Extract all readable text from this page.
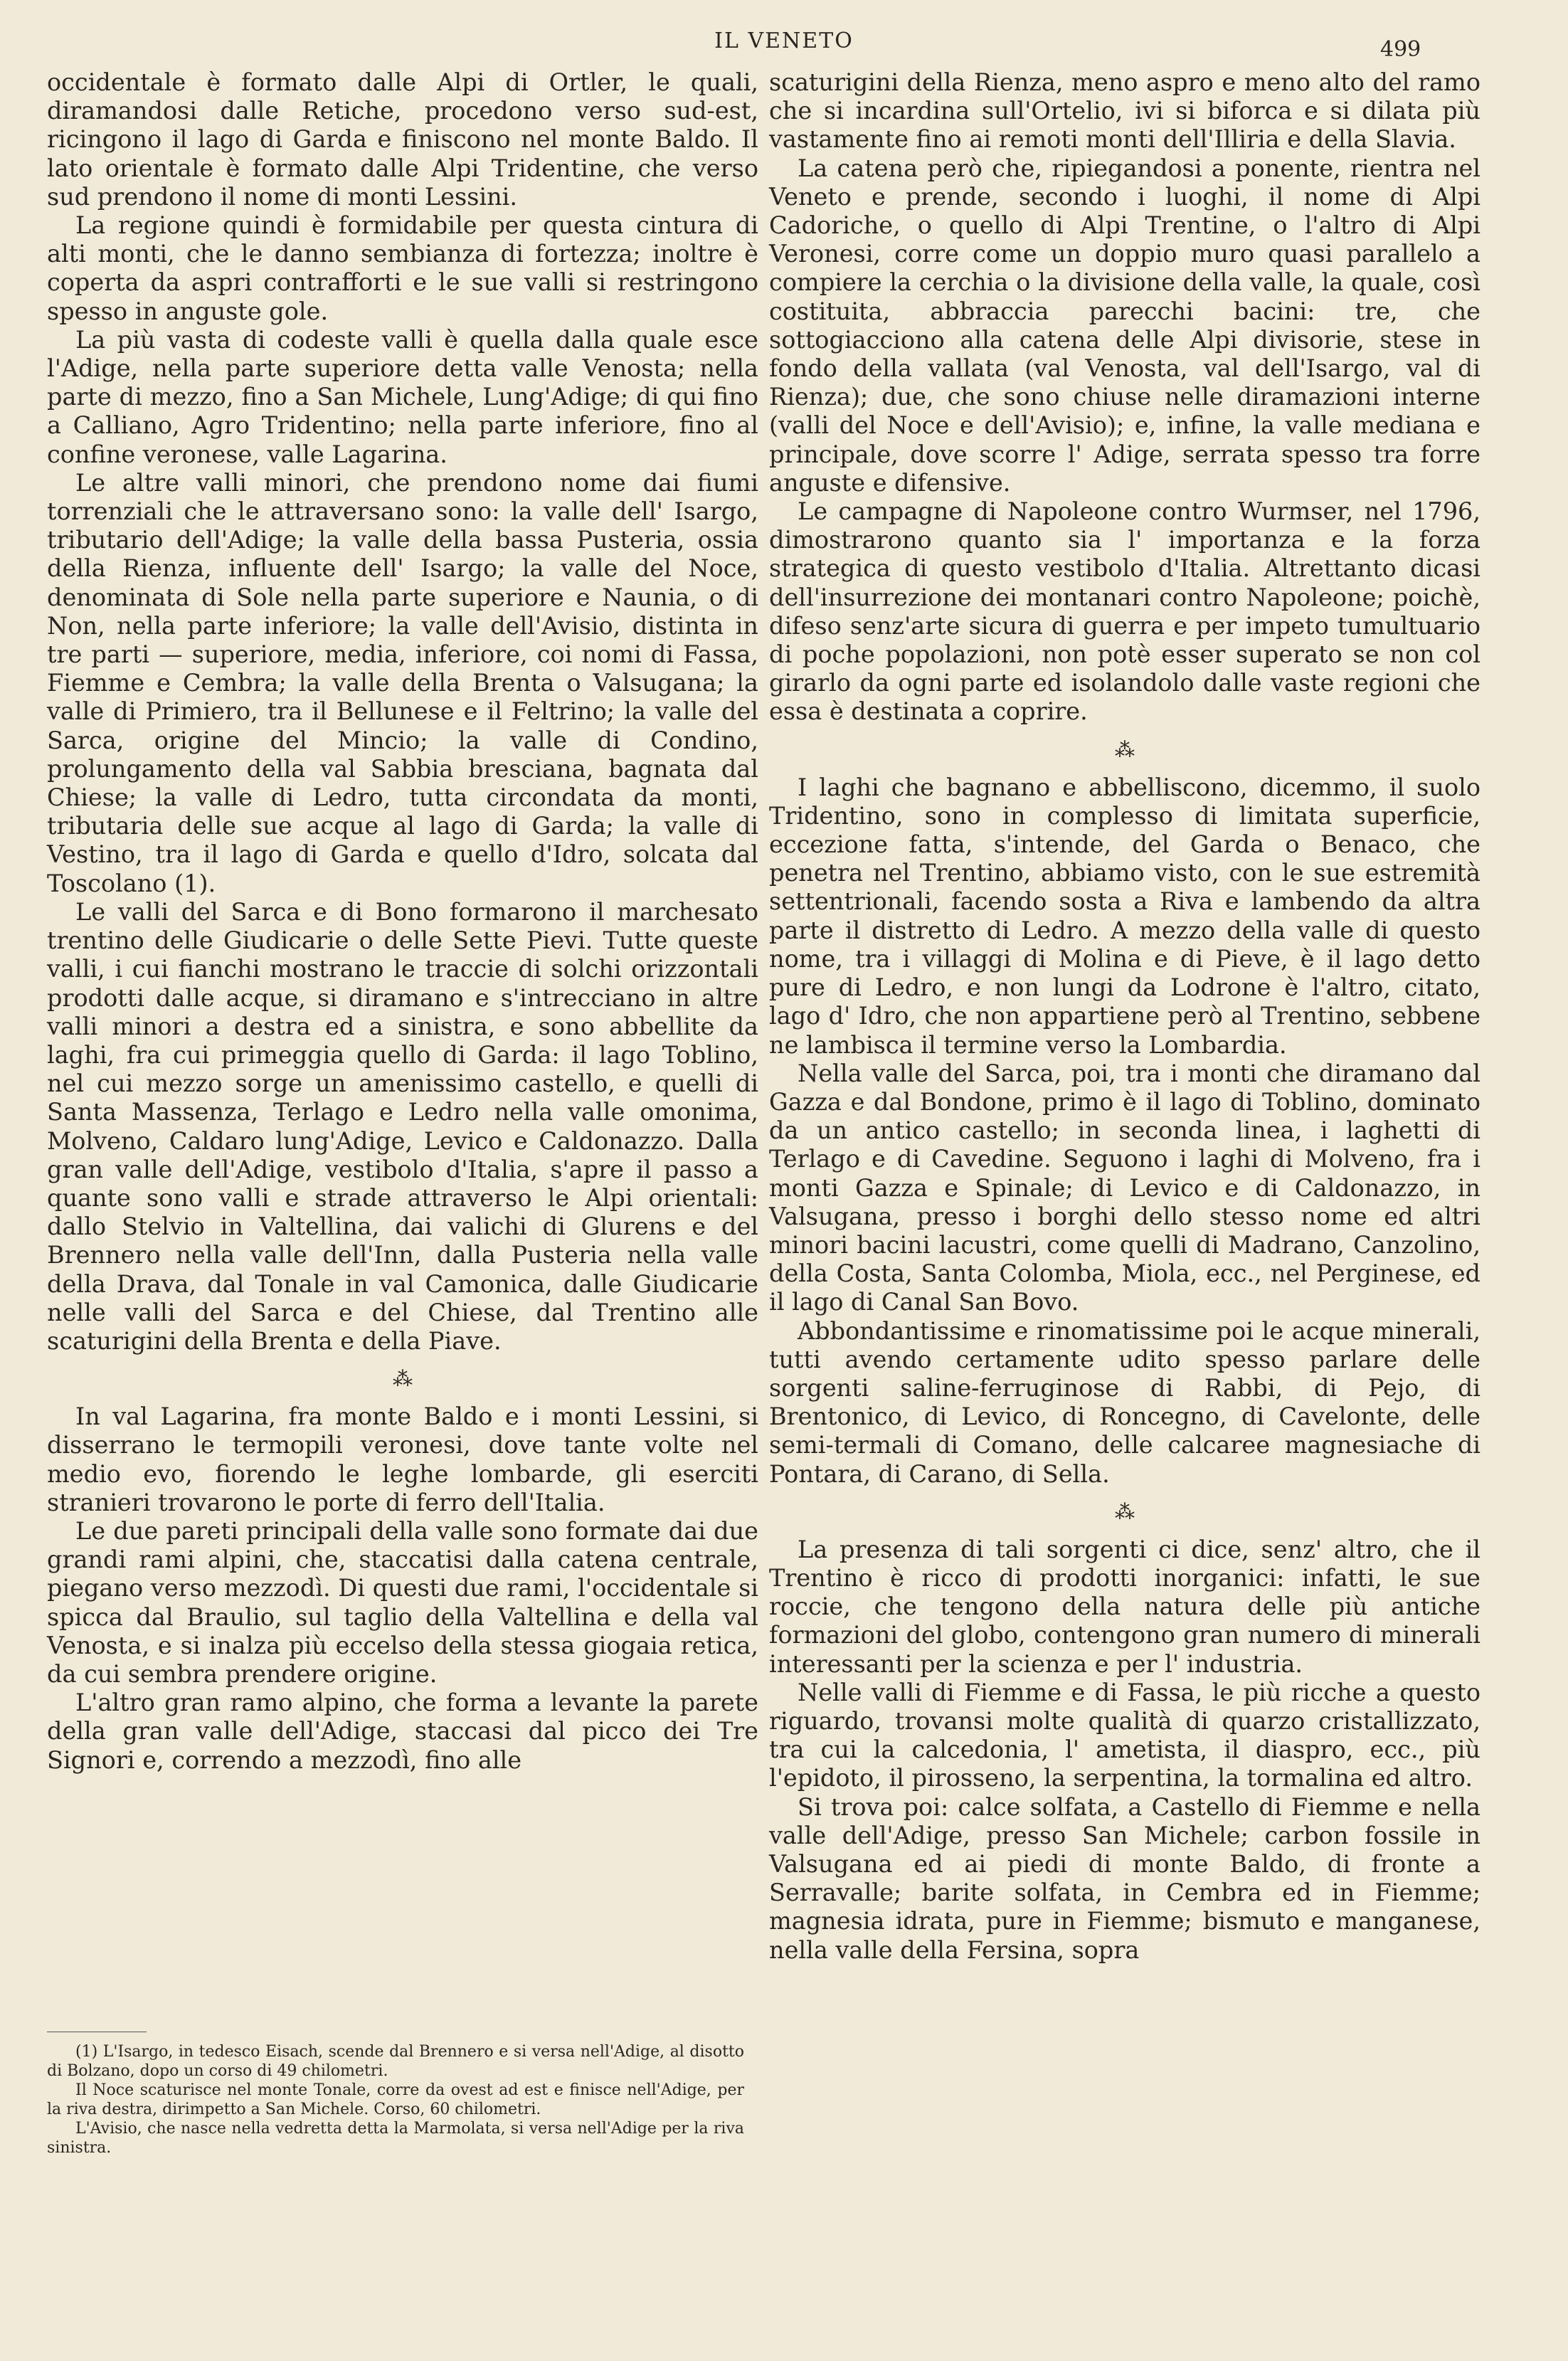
IL VENETO	499

occidentale è formato dalle Alpi di Ortler, le quali, diramandosi dalle Retiche, procedono verso sud-est, ricingono il lago di Garda e finiscono nel monte Baldo. Il lato orientale è formato dalle Alpi Tridentine, che verso sud prendono il nome di monti Lessini.

La regione quindi è formidabile per questa cintura di alti monti, che le danno sembianza di fortezza; inoltre è coperta da aspri contrafforti e le sue valli si restringono spesso in anguste gole.

La più vasta di codeste valli è quella dalla quale esce l'Adige, nella parte superiore detta valle Venosta; nella parte di mezzo, fino a San Michele, Lung'Adige; di qui fino a Calliano, Agro Tridentino; nella parte inferiore, fino al confine veronese, valle Lagarina.

Le altre valli minori, che prendono nome dai fiumi torrenziali che le attraversano sono: la valle dell' Isargo, tributario dell'Adige; la valle della bassa Pusteria, ossia della Rienza, influente dell' Isargo; la valle del Noce, denominata di Sole nella parte superiore e Naunia, o di Non, nella parte inferiore; la valle dell'Avisio, distinta in tre parti — superiore, media, inferiore, coi nomi di Fassa, Fiemme e Cembra; la valle della Brenta o Valsugana; la valle di Primiero, tra il Bellunese e il Feltrino; la valle del Sarca, origine del Mincio; la valle di Condino, prolungamento della val Sabbia bresciana, bagnata dal Chiese; la valle di Ledro, tutta circondata da monti, tributaria delle sue acque al lago di Garda; la valle di Vestino, tra il lago di Garda e quello d'Idro, solcata dal Toscolano (1).

Le valli del Sarca e di Bono formarono il marchesato trentino delle Giudicarie o delle Sette Pievi. Tutte queste valli, i cui fianchi mostrano le traccie di solchi orizzontali prodotti dalle acque, si diramano e s'intrecciano in altre valli minori a destra ed a sinistra, e sono abbellite da laghi, fra cui primeggia quello di Garda: il lago Toblino, nel cui mezzo sorge un amenissimo castello, e quelli di Santa Massenza, Terlago e Ledro nella valle omonima, Molveno, Caldaro lung'Adige, Levico e Caldonazzo. Dalla gran valle dell'Adige, vestibolo d'Italia, s'apre il passo a quante sono valli e strade attraverso le Alpi orientali: dallo Stelvio in Valtellina, dai valichi di Glurens e del Brennero nella valle dell'Inn, dalla Pusteria nella valle della Drava, dal Tonale in val Camonica, dalle Giudicarie nelle valli del Sarca e del Chiese, dal Trentino alle scaturigini della Brenta e della Piave.

⁂

In val Lagarina, fra monte Baldo e i monti Lessini, si disserrano le termopili veronesi, dove tante volte nel medio evo, fiorendo le leghe lombarde, gli eserciti stranieri trovarono le porte di ferro dell'Italia.

Le due pareti principali della valle sono formate dai due grandi rami alpini, che, staccatisi dalla catena centrale, piegano verso mezzodì. Di questi due rami, l'occidentale si spicca dal Braulio, sul taglio della Valtellina e della val Venosta, e si inalza più eccelso della stessa giogaia retica, da cui sembra prendere origine.

L'altro gran ramo alpino, che forma a levante la parete della gran valle dell'Adige, staccasi dal picco dei Tre Signori e, correndo a mezzodì, fino alle

(1) L'Isargo, in tedesco Eisach, scende dal Brennero e si versa nell'Adige, al disotto di Bolzano, dopo un corso di 49 chilometri.

Il Noce scaturisce nel monte Tonale, corre da ovest ad est e finisce nell'Adige, per la riva destra, dirimpetto a San Michele. Corso, 60 chilometri.

L'Avisio, che nasce nella vedretta detta la Marmolata, si versa nell'Adige per la riva sinistra.

scaturigini della Rienza, meno aspro e meno alto del ramo che si incardina sull'Ortelio, ivi si biforca e si dilata più vastamente fino ai remoti monti dell'Illiria e della Slavia.

La catena però che, ripiegandosi a ponente, rientra nel Veneto e prende, secondo i luoghi, il nome di Alpi Cadoriche, o quello di Alpi Trentine, o l'altro di Alpi Veronesi, corre come un doppio muro quasi parallelo a compiere la cerchia o la divisione della valle, la quale, così costituita, abbraccia parecchi bacini: tre, che sottogiacciono alla catena delle Alpi divisorie, stese in fondo della vallata (val Venosta, val dell'Isargo, val di Rienza); due, che sono chiuse nelle diramazioni interne (valli del Noce e dell'Avisio); e, infine, la valle mediana e principale, dove scorre l' Adige, serrata spesso tra forre anguste e difensive.

Le campagne di Napoleone contro Wurmser, nel 1796, dimostrarono quanto sia l' importanza e la forza strategica di questo vestibolo d'Italia. Altrettanto dicasi dell'insurrezione dei montanari contro Napoleone; poichè, difeso senz'arte sicura di guerra e per impeto tumultuario di poche popolazioni, non potè esser superato se non col girarlo da ogni parte ed isolandolo dalle vaste regioni che essa è destinata a coprire.

⁂

I laghi che bagnano e abbelliscono, dicemmo, il suolo Tridentino, sono in complesso di limitata superficie, eccezione fatta, s'intende, del Garda o Benaco, che penetra nel Trentino, abbiamo visto, con le sue estremità settentrionali, facendo sosta a Riva e lambendo da altra parte il distretto di Ledro. A mezzo della valle di questo nome, tra i villaggi di Molina e di Pieve, è il lago detto pure di Ledro, e non lungi da Lodrone è l'altro, citato, lago d' Idro, che non appartiene però al Trentino, sebbene ne lambisca il termine verso la Lombardia.

Nella valle del Sarca, poi, tra i monti che diramano dal Gazza e dal Bondone, primo è il lago di Toblino, dominato da un antico castello; in seconda linea, i laghetti di Terlago e di Cavedine. Seguono i laghi di Molveno, fra i monti Gazza e Spinale; di Levico e di Caldonazzo, in Valsugana, presso i borghi dello stesso nome ed altri minori bacini lacustri, come quelli di Madrano, Canzolino, della Costa, Santa Colomba, Miola, ecc., nel Perginese, ed il lago di Canal San Bovo.

Abbondantissime e rinomatissime poi le acque minerali, tutti avendo certamente udito spesso parlare delle sorgenti saline-ferruginose di Rabbi, di Pejo, di Brentonico, di Levico, di Roncegno, di Cavelonte, delle semi-termali di Comano, delle calcaree magnesiache di Pontara, di Carano, di Sella.

⁂

La presenza di tali sorgenti ci dice, senz' altro, che il Trentino è ricco di prodotti inorganici: infatti, le sue roccie, che tengono della natura delle più antiche formazioni del globo, contengono gran numero di minerali interessanti per la scienza e per l' industria.

Nelle valli di Fiemme e di Fassa, le più ricche a questo riguardo, trovansi molte qualità di quarzo cristallizzato, tra cui la calcedonia, l' ametista, il diaspro, ecc., più l'epidoto, il pirosseno, la serpentina, la tormalina ed altro.

Si trova poi: calce solfata, a Castello di Fiemme e nella valle dell'Adige, presso San Michele; carbon fossile in Valsugana ed ai piedi di monte Baldo, di fronte a Serravalle; barite solfata, in Cembra ed in Fiemme; magnesia idrata, pure in Fiemme; bismuto e manganese, nella valle della Fersina, sopra
